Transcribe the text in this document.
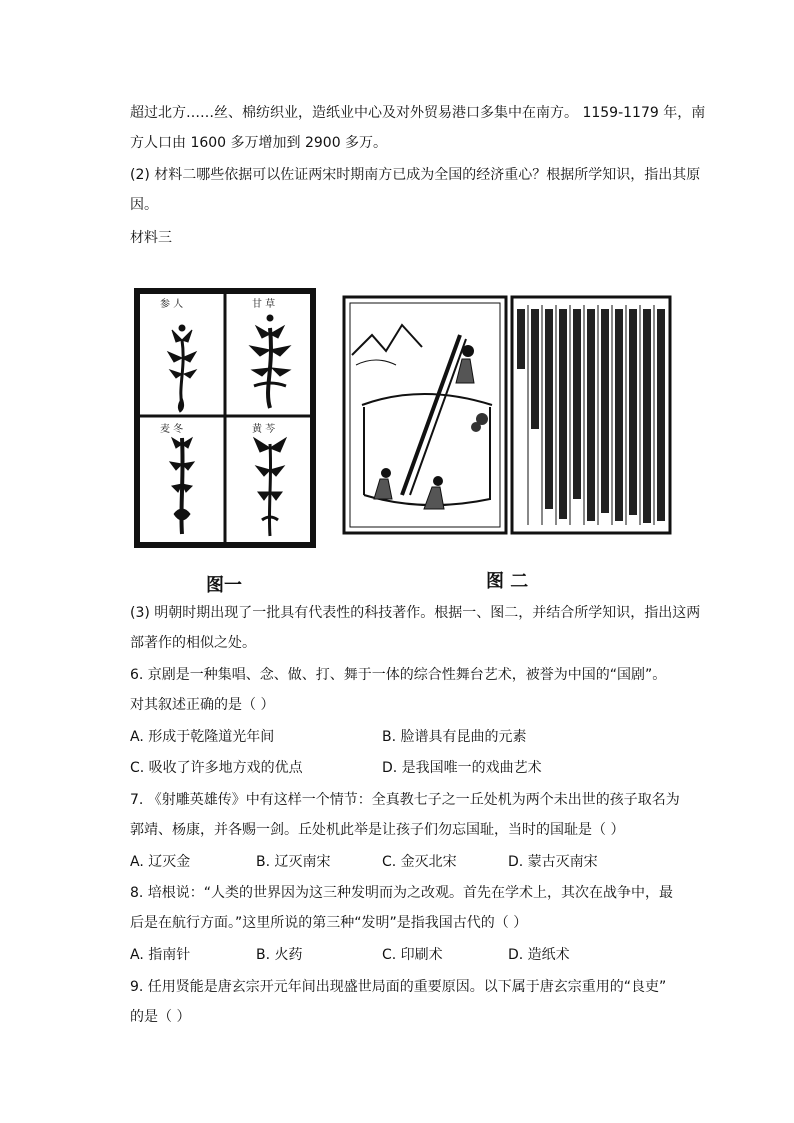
超过北方……丝、棉纺织业，造纸业中心及对外贸易港口多集中在南方。 1159-1179 年，南
方人口由 1600 多万增加到 2900 多万。
(2) 材料二哪些依据可以佐证两宋时期南方已成为全国的经济重心？根据所学知识，指出其原
因。
材料三
参 人	甘 草
麦 冬	黄 芩
图一	图 二
(3) 明朝时期出现了一批具有代表性的科技著作。根据一、图二，并结合所学知识，指出这两
部著作的相似之处。
6. 京剧是一种集唱、念、做、打、舞于一体的综合性舞台艺术，被誉为中国的“国剧”。
对其叙述正确的是（ ）
A. 形成于乾隆道光年间	B. 脸谱具有昆曲的元素
C. 吸收了许多地方戏的优点	D. 是我国唯一的戏曲艺术
7. 《射雕英雄传》中有这样一个情节：全真教七子之一丘处机为两个未出世的孩子取名为
郭靖、杨康，并各赐一剑。丘处机此举是让孩子们勿忘国耻，当时的国耻是（ ）
A. 辽灭金	B. 辽灭南宋	C. 金灭北宋	D. 蒙古灭南宋
8. 培根说：“人类的世界因为这三种发明而为之改观。首先在学术上，其次在战争中，最
后是在航行方面。”这里所说的第三种“发明”是指我国古代的（ ）
A. 指南针	B. 火药	C. 印刷术	D. 造纸术
9. 任用贤能是唐玄宗开元年间出现盛世局面的重要原因。以下属于唐玄宗重用的“良吏”
的是（ ）
